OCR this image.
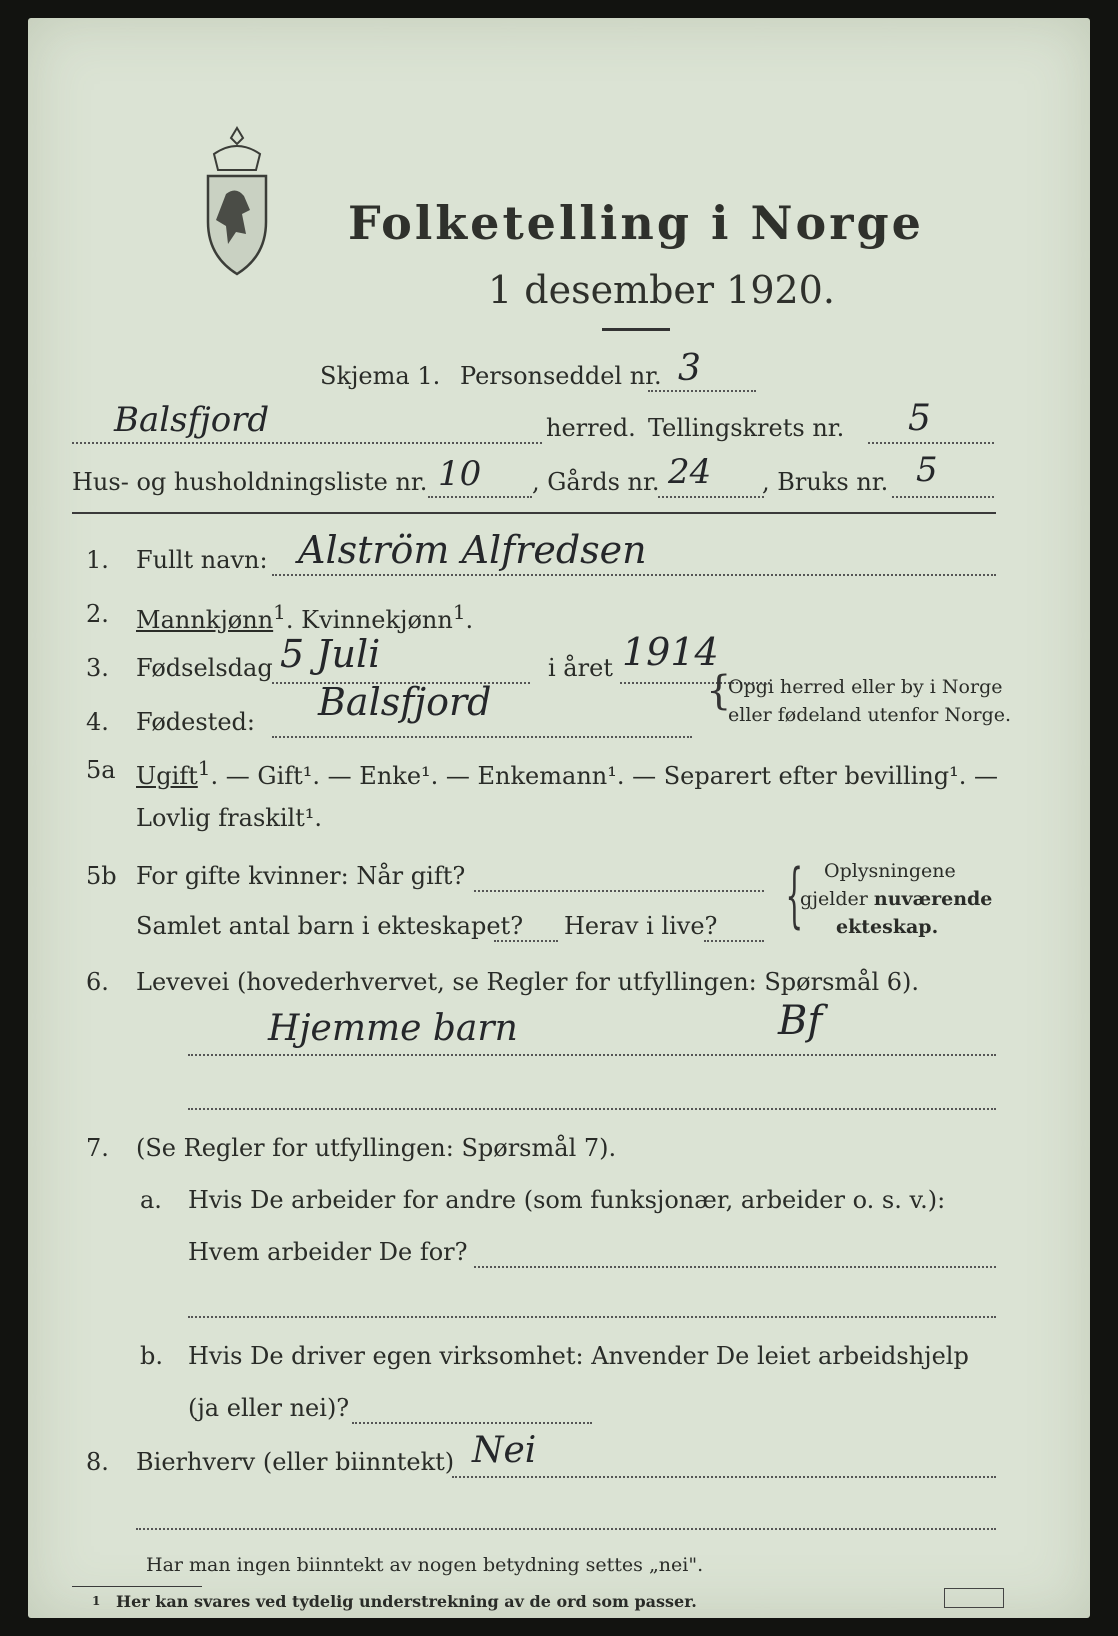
Folketelling i Norge
1 desember 1920.
Skjema 1. Personseddel nr. 3
Balsfjord	herred. Tellingskrets nr. 5
Hus- og husholdningsliste nr. 10 , Gårds nr. 24 , Bruks nr. 5
1. Fullt navn: Alström Alfredsen
2. Mannkjønn$^1$. Kvinnekjønn$^1$.
3. Fødselsdag 5 Juli	i året 1914
4. Fødested: Balsfjord	{
Opgi herred eller by i Norge
eller fødeland utenfor Norge.
5a Ugift$^1$. — Gift¹. — Enke¹. — Enkemann¹. — Separert efter bevilling¹. —
Lovlig fraskilt¹.
5b For gifte kvinner: Når gift?
Samlet antal barn i ekteskapet? Herav i live? { Oplysningene
gjelder nuværende
ekteskap.
6. Levevei (hovederhvervet, se Regler for utfyllingen: Spørsmål 6).
Hjemme barn	Bf
7. (Se Regler for utfyllingen: Spørsmål 7).
a. Hvis De arbeider for andre (som funksjonær, arbeider o. s. v.):
Hvem arbeider De for?
b. Hvis De driver egen virksomhet: Anvender De leiet arbeidshjelp
(ja eller nei)?
8. Bierhverv (eller biinntekt) Nei
Har man ingen biinntekt av nogen betydning settes „nei".
1 Her kan svares ved tydelig understrekning av de ord som passer.
